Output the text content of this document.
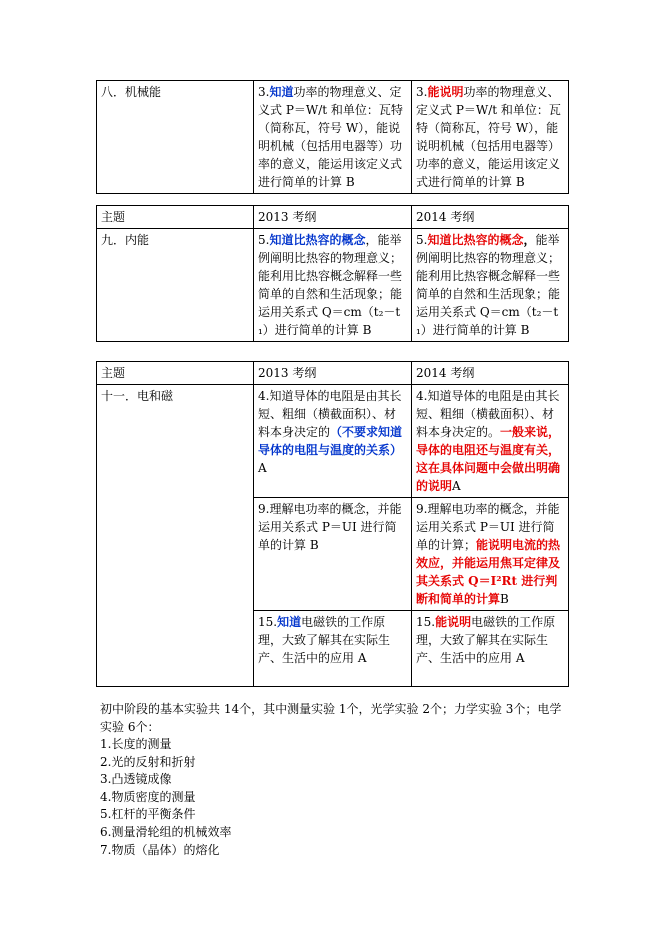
八．机械能	3.知道功率的物理意义、定义式 P＝W/t 和单位：瓦特（简称瓦，符号 W），能说明机械（包括用电器等）功率的意义，能运用该定义式进行简单的计算 B	3.能说明功率的物理意义、定义式 P＝W/t 和单位：瓦特（简称瓦，符号 W），能说明机械（包括用电器等）功率的意义，能运用该定义式进行简单的计算 B
主题	2013 考纲	2014 考纲
九．内能	5.知道比热容的概念，能举例阐明比热容的物理意义；能利用比热容概念解释一些简单的自然和生活现象；能运用关系式 Q＝cm（t₂－t₁）进行简单的计算 B	5.知道比热容的概念，能举例阐明比热容的物理意义；能利用比热容概念解释一些简单的自然和生活现象；能运用关系式 Q＝cm（t₂－t₁）进行简单的计算 B
主题	2013 考纲	2014 考纲
十一．电和磁	4.知道导体的电阻是由其长短、粗细（横截面积）、材料本身决定的（不要求知道导体的电阻与温度的关系）A	4.知道导体的电阻是由其长短、粗细（横截面积）、材料本身决定的。一般来说，导体的电阻还与温度有关，这在具体问题中会做出明确的说明A
	9.理解电功率的概念，并能运用关系式 P＝UI 进行简单的计算 B	9.理解电功率的概念，并能运用关系式 P＝UI 进行简单的计算；能说明电流的热效应，并能运用焦耳定律及其关系式 Q＝I²Rt 进行判断和简单的计算B
	15.知道电磁铁的工作原理，大致了解其在实际生产、生活中的应用 A	15.能说明电磁铁的工作原理，大致了解其在实际生产、生活中的应用 A
初中阶段的基本实验共 14个，其中测量实验 1个，光学实验 2个；力学实验 3个；电学实验 6个：
1.长度的测量
2.光的反射和折射
3.凸透镜成像
4.物质密度的测量
5.杠杆的平衡条件
6.测量滑轮组的机械效率
7.物质（晶体）的熔化
